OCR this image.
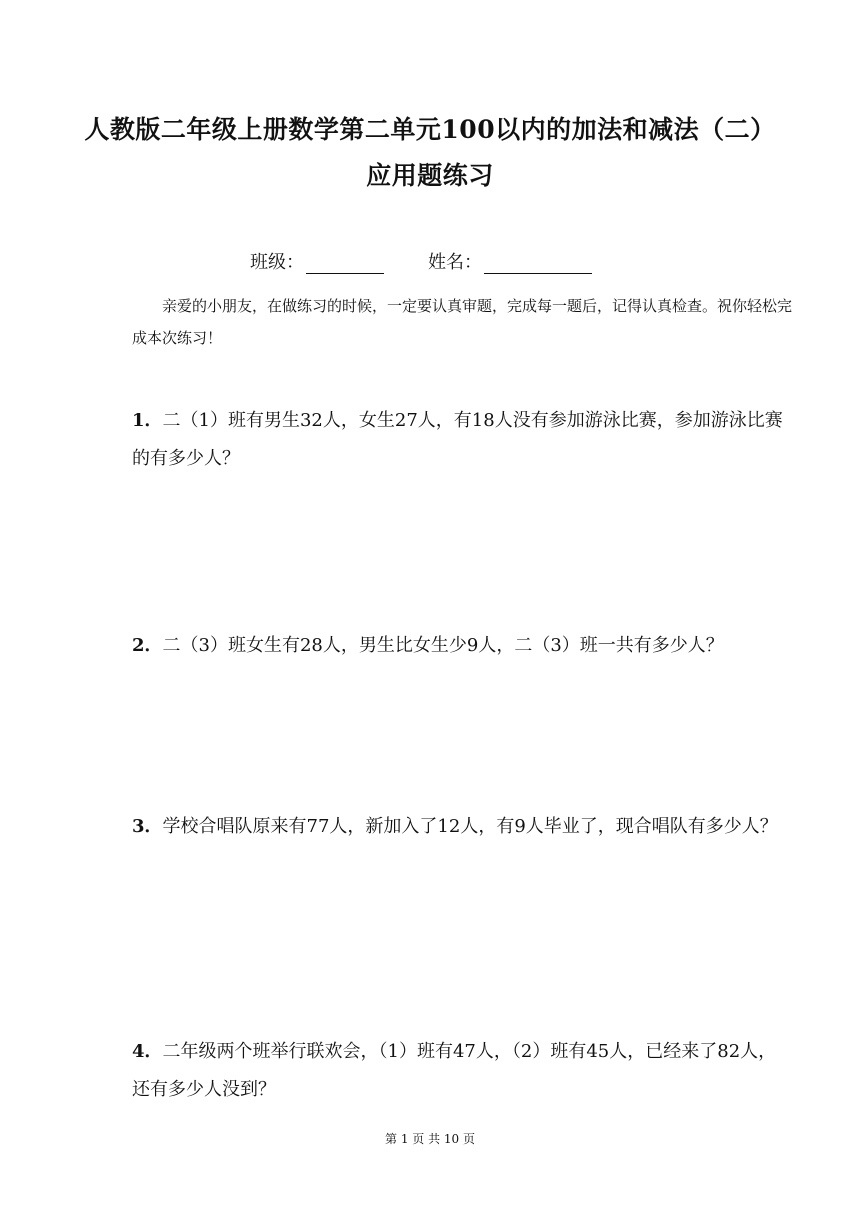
人教版二年级上册数学第二单元100以内的加法和减法（二）
应用题练习
班级：	姓名：
亲爱的小朋友，在做练习的时候，一定要认真审题，完成每一题后，记得认真检查。祝你轻松完成本次练习！
1．二（1）班有男生32人，女生27人，有18人没有参加游泳比赛，参加游泳比赛的有多少人？
2．二（3）班女生有28人，男生比女生少9人，二（3）班一共有多少人？
3．学校合唱队原来有77人，新加入了12人，有9人毕业了，现合唱队有多少人？
4．二年级两个班举行联欢会，（1）班有47人，（2）班有45人，已经来了82人，还有多少人没到？
第 1 页 共 10 页
